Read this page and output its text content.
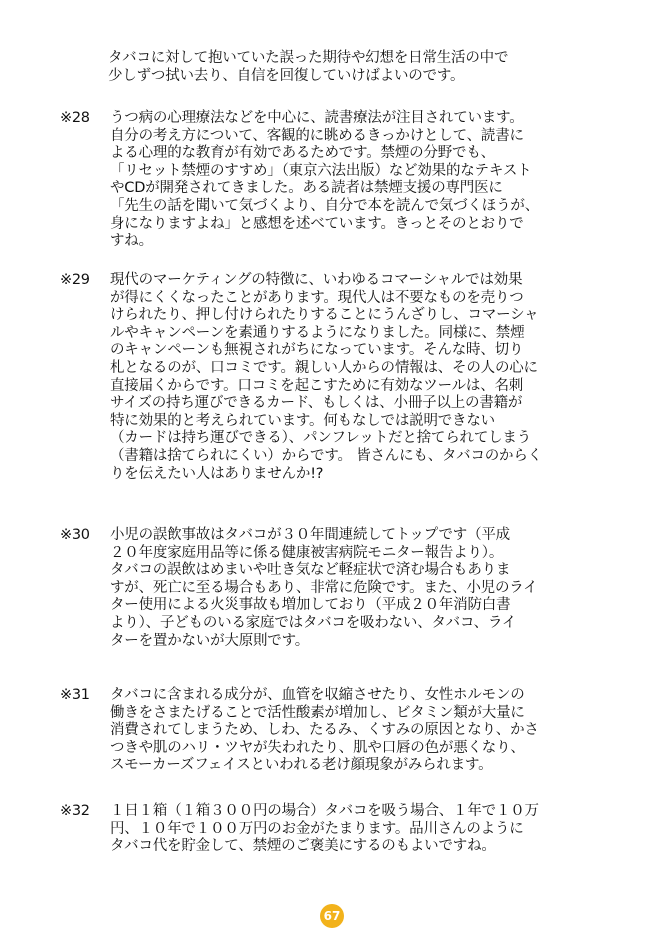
タバコに対して抱いていた誤った期待や幻想を日常生活の中で
少しずつ拭い去り、自信を回復していけばよいのです。
※28 うつ病の心理療法などを中心に、読書療法が注目されています。
自分の考え方について、客観的に眺めるきっかけとして、読書に
よる心理的な教育が有効であるためです。禁煙の分野でも、
「リセット禁煙のすすめ」（東京六法出版）など効果的なテキスト
やCDが開発されてきました。ある読者は禁煙支援の専門医に
「先生の話を聞いて気づくより、自分で本を読んで気づくほうが、
身になりますよね」と感想を述べています。きっとそのとおりで
すね。
※29 現代のマーケティングの特徴に、いわゆるコマーシャルでは効果
が得にくくなったことがあります。現代人は不要なものを売りつ
けられたり、押し付けられたりすることにうんざりし、コマーシャ
ルやキャンペーンを素通りするようになりました。同様に、禁煙
のキャンペーンも無視されがちになっています。そんな時、切り
札となるのが、口コミです。親しい人からの情報は、その人の心に
直接届くからです。口コミを起こすために有効なツールは、名刺
サイズの持ち運びできるカード、もしくは、小冊子以上の書籍が
特に効果的と考えられています。何もなしでは説明できない
（カードは持ち運びできる）、パンフレットだと捨てられてしまう
（書籍は捨てられにくい）からです。 皆さんにも、タバコのからく
りを伝えたい人はありませんか!?
※30 小児の誤飲事故はタバコが３０年間連続してトップです（平成
２０年度家庭用品等に係る健康被害病院モニター報告より）。
タバコの誤飲はめまいや吐き気など軽症状で済む場合もありま
すが、死亡に至る場合もあり、非常に危険です。また、小児のライ
ター使用による火災事故も増加しており（平成２０年消防白書
より）、子どものいる家庭ではタバコを吸わない、タバコ、ライ
ターを置かないが大原則です。
※31 タバコに含まれる成分が、血管を収縮させたり、女性ホルモンの
働きをさまたげることで活性酸素が増加し、ビタミン類が大量に
消費されてしまうため、しわ、たるみ、くすみの原因となり、かさ
つきや肌のハリ・ツヤが失われたり、肌や口唇の色が悪くなり、
スモーカーズフェイスといわれる老け顔現象がみられます。
※32 １日１箱（１箱３００円の場合）タバコを吸う場合、１年で１０万
円、１０年で１００万円のお金がたまります。品川さんのように
タバコ代を貯金して、禁煙のご褒美にするのもよいですね。
67
